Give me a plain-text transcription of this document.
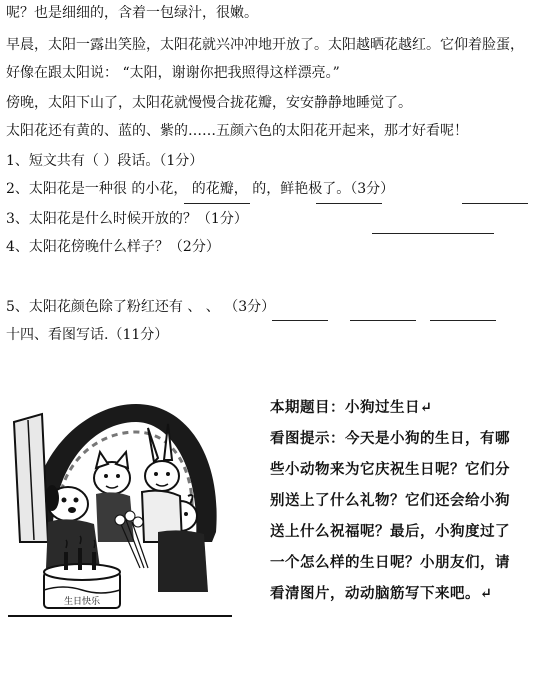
呢？也是细细的，含着一包绿汁，很嫩。
早晨，太阳一露出笑脸，太阳花就兴冲冲地开放了。太阳越晒花越红。它仰着脸蛋，
好像在跟太阳说： “太阳，谢谢你把我照得这样漂亮。”
傍晚，太阳下山了，太阳花就慢慢合拢花瓣，安安静静地睡觉了。
太阳花还有黄的、蓝的、紫的……五颜六色的太阳花开起来，那才好看呢！
1、短文共有（ ）段话。（1分）
2、太阳花是一种很 的小花， 的花瓣， 的，鲜艳极了。（3分）
3、太阳花是什么时候开放的？（1分）
4、太阳花傍晚什么样子？（2分）
5、太阳花颜色除了粉红还有 、 、 （3分）
十四、看图写话.（11分）
生日快乐
本期题目：小狗过生日↵
看图提示：今天是小狗的生日，有哪
些小动物来为它庆祝生日呢？它们分
别送上了什么礼物？它们还会给小狗
送上什么祝福呢？最后，小狗度过了
一个怎么样的生日呢？小朋友们，请
看清图片，动动脑筋写下来吧。↵
